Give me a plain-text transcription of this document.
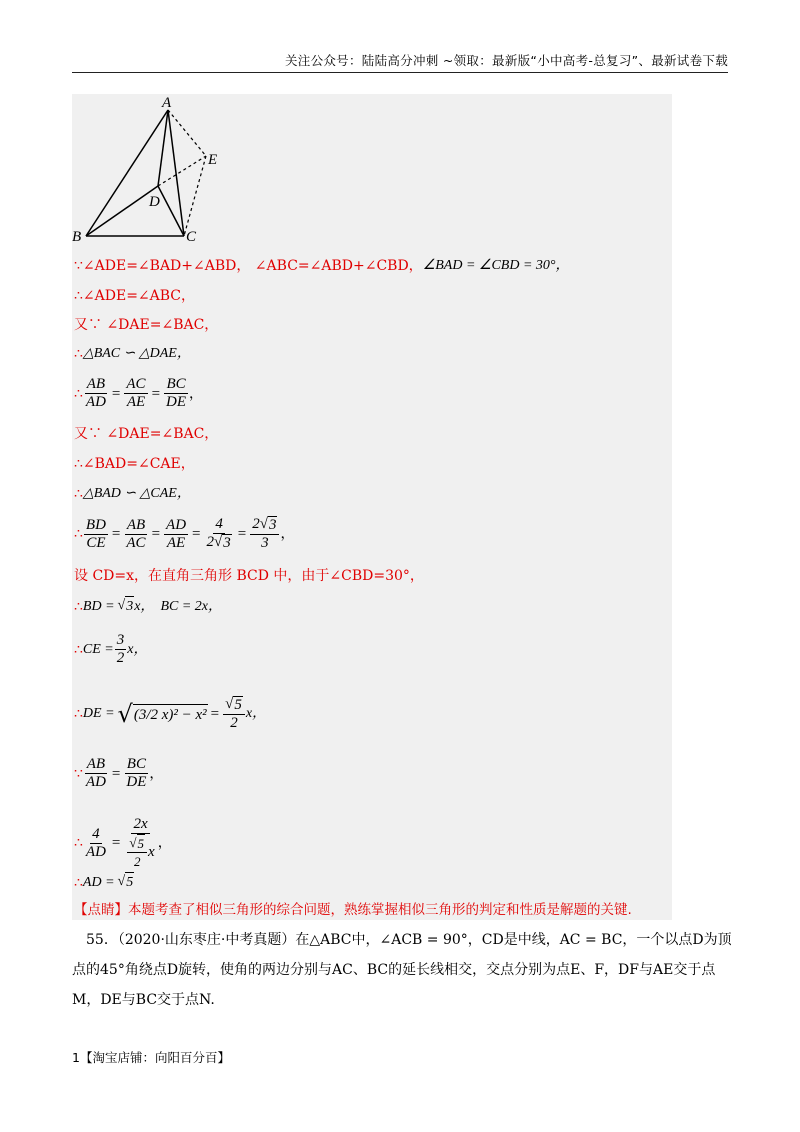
关注公众号：陆陆高分冲刺 ~领取：最新版“小中高考-总复习”、最新试卷下载
A
B	C
D
E
∵∠ADE=∠BAD+∠ABD， ∠ABC=∠ABD+∠CBD， ∠BAD = ∠CBD = 30°，
∴∠ADE=∠ABC，
又∵ ∠DAE=∠BAC，
∴ △BAC ∽ △DAE，
∴ $\frac{AB}{AD} = \frac{AC}{AE} = \frac{BC}{DE}$ ，
又∵ ∠DAE=∠BAC，
∴∠BAD=∠CAE，
∴ △BAD ∽ △CAE，
∴ $\frac{BD}{CE} = \frac{AB}{AC} = \frac{AD}{AE} = \frac{4}{2 √ 3} = \frac{2 √ 3}{3}$ ，
设 CD=x，在直角三角形 BCD 中，由于∠CBD=30°，
∴ BD = √ 3 x， BC = 2x，
∴ CE = $\frac{3}{2}$ x，
∴ DE = √ (3/2 $x)^2 - x^2 = \frac{√ 5}{2}$ x，
∵ $\frac{AB}{AD} = \frac{BC}{DE}$ ，
∴ $\frac{4}{AD} = \frac{2x}{\frac{√ 5}{2} x}$ ，
∴ AD = √ 5
【点睛】本题考查了相似三角形的综合问题，熟练掌握相似三角形的判定和性质是解题的关键.
55．（2020·山东枣庄·中考真题）在△ABC中，∠ACB = 90°，CD是中线，AC = BC，一个以点D为顶点的45°角绕点D旋转，使角的两边分别与AC、BC的延长线相交，交点分别为点E、F，DF与AE交于点M，DE与BC交于点N.
1【淘宝店铺：向阳百分百】
